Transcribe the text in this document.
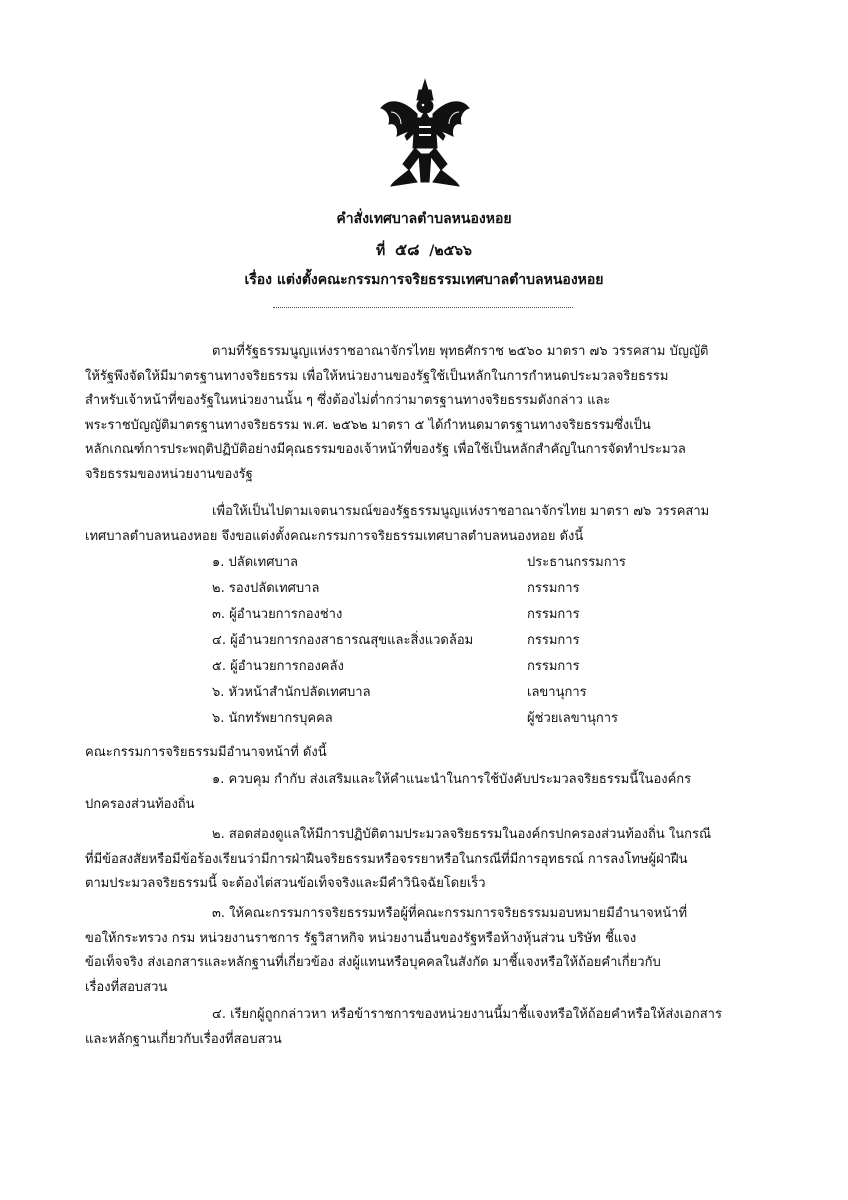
คำสั่งเทศบาลตำบลหนองหอย
ที่ ๕๘ /๒๕๖๖
เรื่อง แต่งตั้งคณะกรรมการจริยธรรมเทศบาลตำบลหนองหอย
ตามที่รัฐธรรมนูญแห่งราชอาณาจักรไทย พุทธศักราช ๒๕๖๐ มาตรา ๗๖ วรรคสาม บัญญัติ
ให้รัฐพึงจัดให้มีมาตรฐานทางจริยธรรม เพื่อให้หน่วยงานของรัฐใช้เป็นหลักในการกำหนดประมวลจริยธรรม
สำหรับเจ้าหน้าที่ของรัฐในหน่วยงานนั้น ๆ ซึ่งต้องไม่ต่ำกว่ามาตรฐานทางจริยธรรมดังกล่าว และ
พระราชบัญญัติมาตรฐานทางจริยธรรม พ.ศ. ๒๕๖๒ มาตรา ๕ ได้กำหนดมาตรฐานทางจริยธรรมซึ่งเป็น
หลักเกณฑ์การประพฤติปฏิบัติอย่างมีคุณธรรมของเจ้าหน้าที่ของรัฐ เพื่อใช้เป็นหลักสำคัญในการจัดทำประมวล
จริยธรรมของหน่วยงานของรัฐ
เพื่อให้เป็นไปตามเจตนารมณ์ของรัฐธรรมนูญแห่งราชอาณาจักรไทย มาตรา ๗๖ วรรคสาม
เทศบาลตำบลหนองหอย จึงขอแต่งตั้งคณะกรรมการจริยธรรมเทศบาลตำบลหนองหอย ดังนี้
๑. ปลัดเทศบาล	ประธานกรรมการ
๒. รองปลัดเทศบาล	กรรมการ
๓. ผู้อำนวยการกองช่าง	กรรมการ
๔. ผู้อำนวยการกองสาธารณสุขและสิ่งแวดล้อม	กรรมการ
๕. ผู้อำนวยการกองคลัง	กรรมการ
๖. หัวหน้าสำนักปลัดเทศบาล	เลขานุการ
๖. นักทรัพยากรบุคคล	ผู้ช่วยเลขานุการ
คณะกรรมการจริยธรรมมีอำนาจหน้าที่ ดังนี้
๑. ควบคุม กำกับ ส่งเสริมและให้คำแนะนำในการใช้บังคับประมวลจริยธรรมนี้ในองค์กร
ปกครองส่วนท้องถิ่น
๒. สอดส่องดูแลให้มีการปฏิบัติตามประมวลจริยธรรมในองค์กรปกครองส่วนท้องถิ่น ในกรณี
ที่มีข้อสงสัยหรือมีข้อร้องเรียนว่ามีการฝ่าฝืนจริยธรรมหรือจรรยาหรือในกรณีที่มีการอุทธรณ์ การลงโทษผู้ฝ่าฝืน
ตามประมวลจริยธรรมนี้ จะต้องไต่สวนข้อเท็จจริงและมีคำวินิจฉัยโดยเร็ว
๓. ให้คณะกรรมการจริยธรรมหรือผู้ที่คณะกรรมการจริยธรรมมอบหมายมีอำนาจหน้าที่
ขอให้กระทรวง กรม หน่วยงานราชการ รัฐวิสาหกิจ หน่วยงานอื่นของรัฐหรือห้างหุ้นส่วน บริษัท ชี้แจง
ข้อเท็จจริง ส่งเอกสารและหลักฐานที่เกี่ยวข้อง ส่งผู้แทนหรือบุคคลในสังกัด มาชี้แจงหรือให้ถ้อยคำเกี่ยวกับ
เรื่องที่สอบสวน
๔. เรียกผู้ถูกกล่าวหา หรือข้าราชการของหน่วยงานนี้มาชี้แจงหรือให้ถ้อยคำหรือให้ส่งเอกสาร
และหลักฐานเกี่ยวกับเรื่องที่สอบสวน
